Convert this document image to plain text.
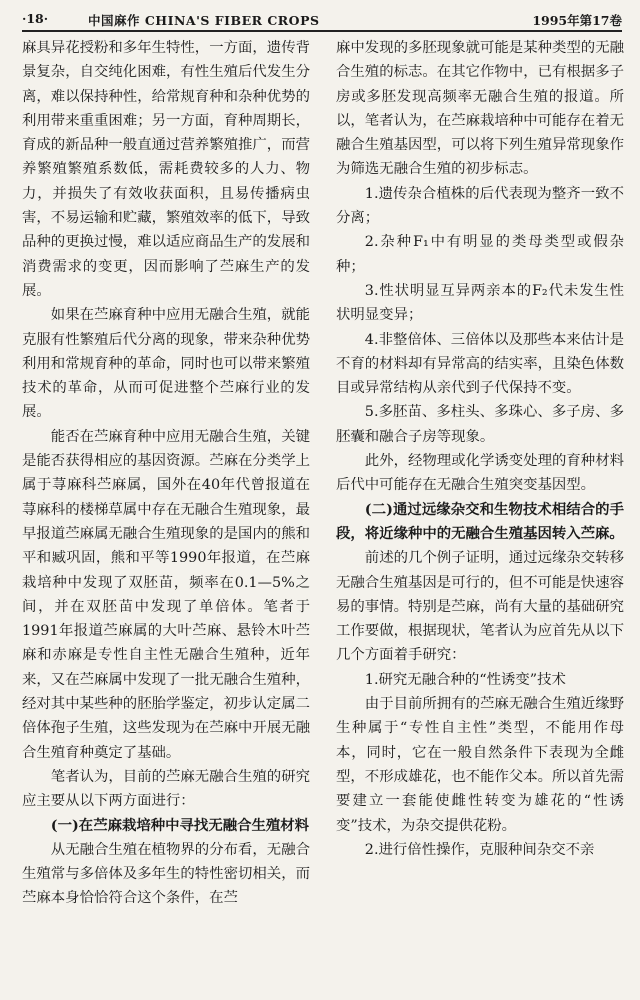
·18·	中国麻作 CHINA'S FIBER CROPS	1995年第17卷

麻具异花授粉和多年生特性，一方面，遗传背景复杂，自交纯化困难，有性生殖后代发生分离，难以保持种性，给常规育种和杂种优势的利用带来重重困难；另一方面，育种周期长，育成的新品种一般直通过营养繁殖推广，而营养繁殖繁殖系数低，需耗费较多的人力、物力，并损失了有效收获面积，且易传播病虫害，不易运输和贮藏，繁殖效率的低下，导致品种的更换过慢，难以适应商品生产的发展和消费需求的变更，因而影响了苎麻生产的发展。

如果在苎麻育种中应用无融合生殖，就能克服有性繁殖后代分离的现象，带来杂种优势利用和常规育种的革命，同时也可以带来繁殖技术的革命，从而可促进整个苎麻行业的发展。

能否在苎麻育种中应用无融合生殖，关键是能否获得相应的基因资源。苎麻在分类学上属于荨麻科苎麻属，国外在40年代曾报道在荨麻科的楼梯草属中存在无融合生殖现象，最早报道苎麻属无融合生殖现象的是国内的熊和平和臧巩固，熊和平等1990年报道，在苎麻栽培种中发现了双胚苗，频率在0.1—5%之间，并在双胚苗中发现了单倍体。笔者于1991年报道苎麻属的大叶苎麻、悬铃木叶苎麻和赤麻是专性自主性无融合生殖种，近年来，又在苎麻属中发现了一批无融合生殖种，经对其中某些种的胚胎学鉴定，初步认定属二倍体孢子生殖，这些发现为在苎麻中开展无融合生殖育种奠定了基础。

笔者认为，目前的苎麻无融合生殖的研究应主要从以下两方面进行：

(一)在苎麻栽培种中寻找无融合生殖材料

从无融合生殖在植物界的分布看，无融合生殖常与多倍体及多年生的特性密切相关，而苎麻本身恰恰符合这个条件，在苎

麻中发现的多胚现象就可能是某种类型的无融合生殖的标志。在其它作物中，已有根据多子房或多胚发现高频率无融合生殖的报道。所以，笔者认为，在苎麻栽培种中可能存在着无融合生殖基因型，可以将下列生殖异常现象作为筛选无融合生殖的初步标志。

1.遗传杂合植株的后代表现为整齐一致不分离；

2.杂种F₁中有明显的类母类型或假杂种；

3.性状明显互异两亲本的F₂代未发生性状明显变异；

4.非整倍体、三倍体以及那些本来估计是不育的材料却有异常高的结实率，且染色体数目或异常结构从亲代到子代保持不变。

5.多胚苗、多柱头、多珠心、多子房、多胚囊和融合子房等现象。

此外，经物理或化学诱变处理的育种材料后代中可能存在无融合生殖突变基因型。

(二)通过远缘杂交和生物技术相结合的手段，将近缘种中的无融合生殖基因转入苎麻。

前述的几个例子证明，通过远缘杂交转移无融合生殖基因是可行的，但不可能是快速容易的事情。特别是苎麻，尚有大量的基础研究工作要做，根据现状，笔者认为应首先从以下几个方面着手研究：

1.研究无融合种的“性诱变”技术

由于目前所拥有的苎麻无融合生殖近缘野生种属于“专性自主性”类型，不能用作母本，同时，它在一般自然条件下表现为全雌型，不形成雄花，也不能作父本。所以首先需要建立一套能使雌性转变为雄花的“性诱变”技术，为杂交提供花粉。

2.进行倍性操作，克服种间杂交不亲
